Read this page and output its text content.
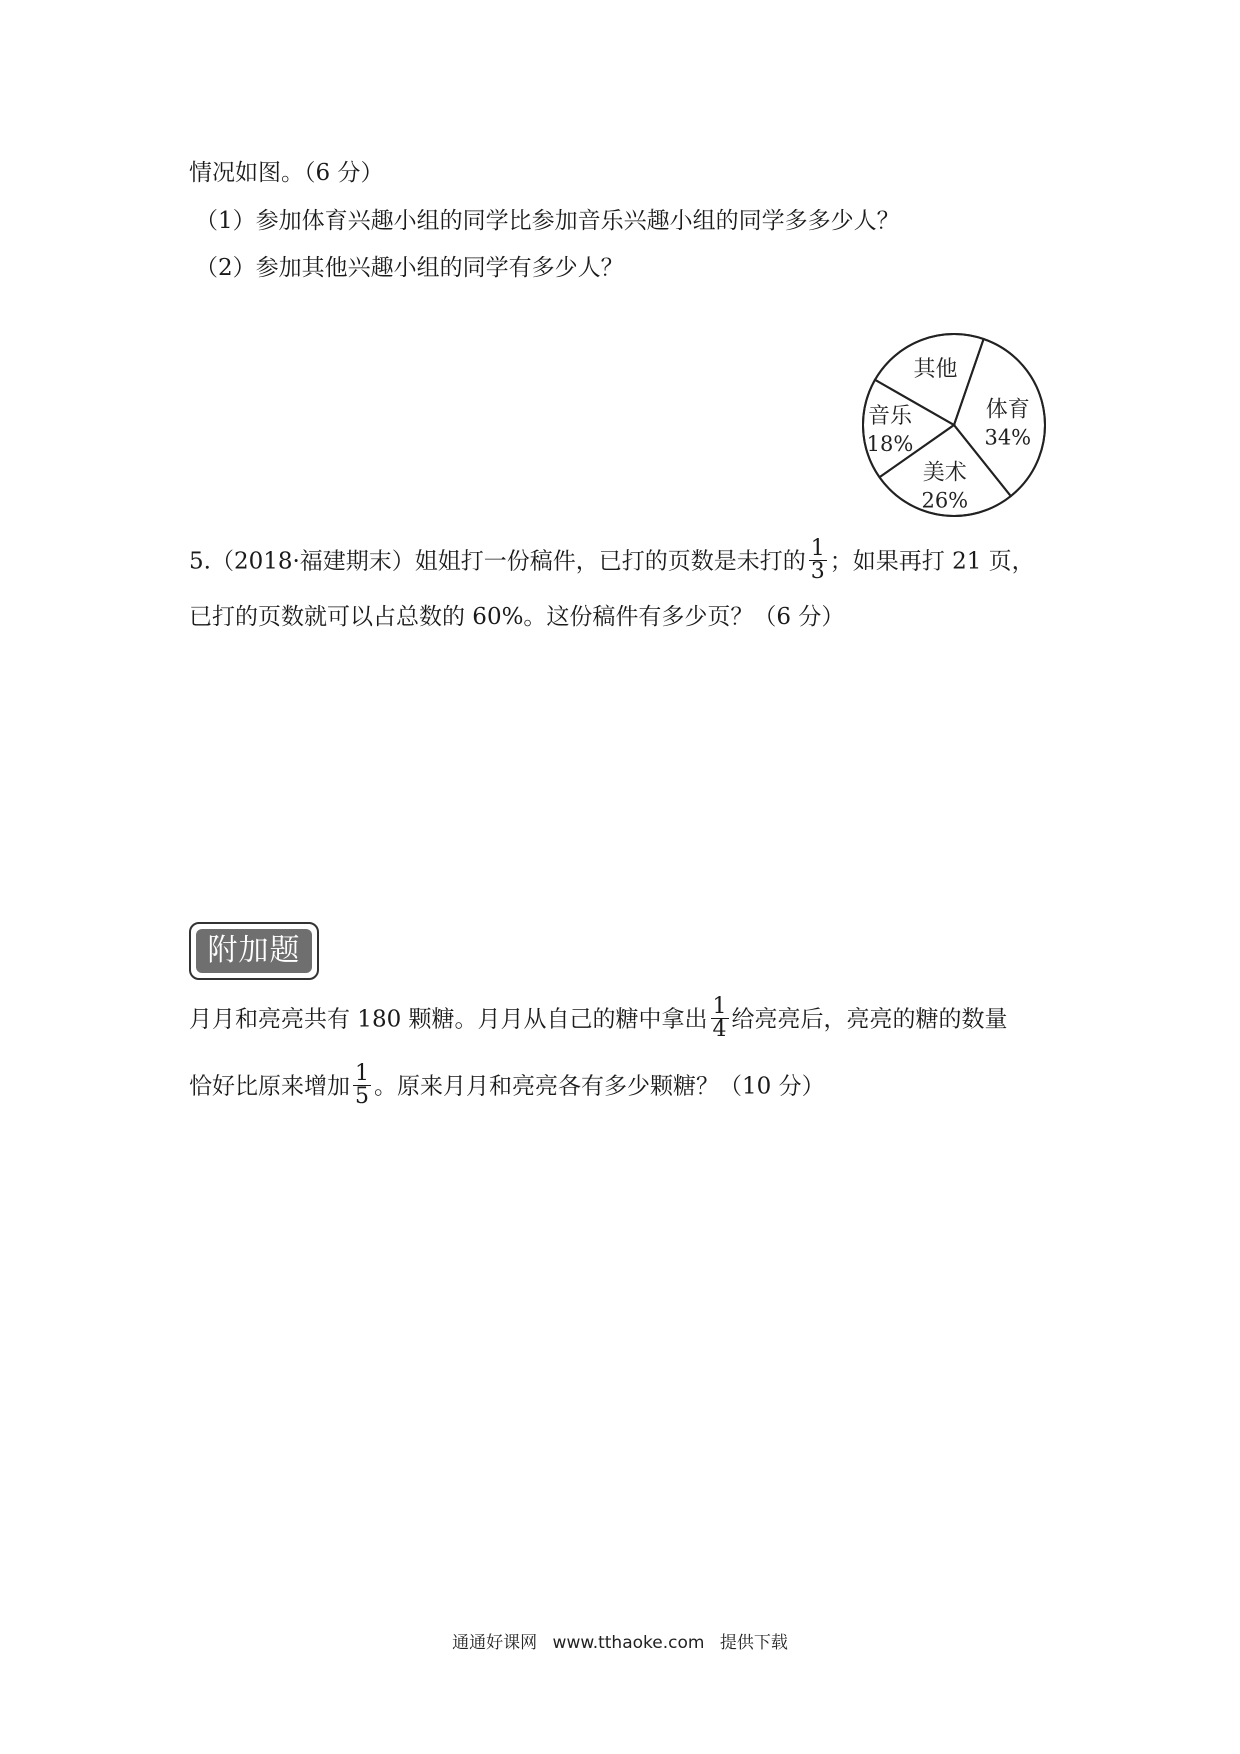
情况如图。（6 分）
（1）参加体育兴趣小组的同学比参加音乐兴趣小组的同学多多少人？
（2）参加其他兴趣小组的同学有多少人？
体育
34%
美术
26%
音乐
18%
其他
5.（2018·福建期末）姐姐打一份稿件，已打的页数是未打的 $\frac{1}{3}$ ；如果再打 21 页，
已打的页数就可以占总数的 60%。这份稿件有多少页？（6 分）
附加题
月月和亮亮共有 180 颗糖。月月从自己的糖中拿出 $\frac{1}{4}$ 给亮亮后，亮亮的糖的数量
恰好比原来增加 $\frac{1}{5}$ 。原来月月和亮亮各有多少颗糖？（10 分）
通通好课网 www.tthaoke.com 提供下载
